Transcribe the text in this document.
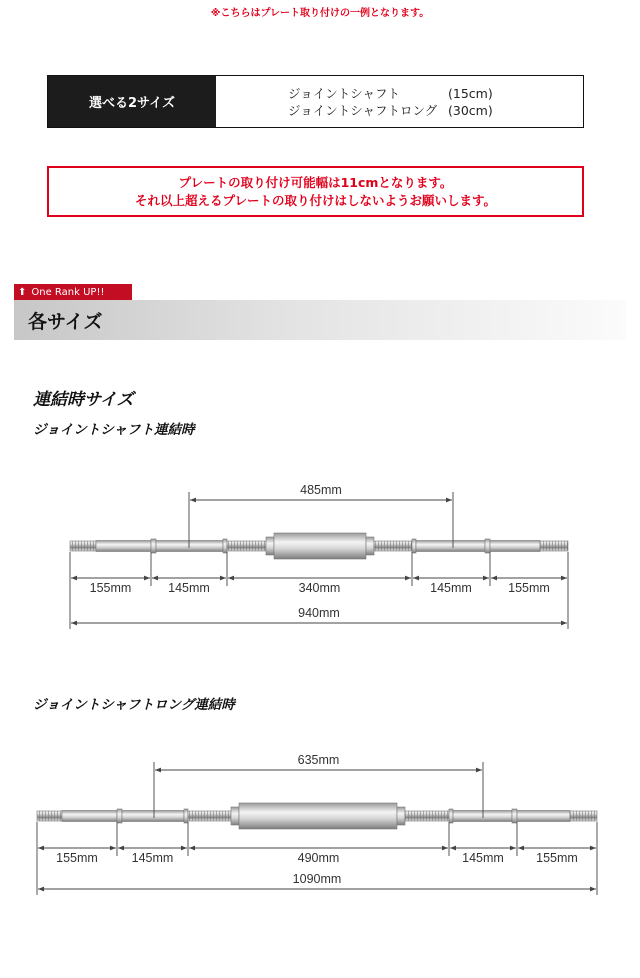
※こちらはプレート取り付けの一例となります。
選べる2サイズ
ジョイントシャフト	(15cm)
ジョイントシャフトロング (30cm)
プレートの取り付け可能幅は11cmとなります。
それ以上超えるプレートの取り付けはしないようお願いします。
⬆ One Rank UP!!
各サイズ
連結時サイズ
ジョイントシャフト連結時
ジョイントシャフトロング連結時
485mm
155mm	145mm	340mm	145mm	155mm
940mm
635mm
155mm	145mm	490mm	145mm	155mm
1090mm
